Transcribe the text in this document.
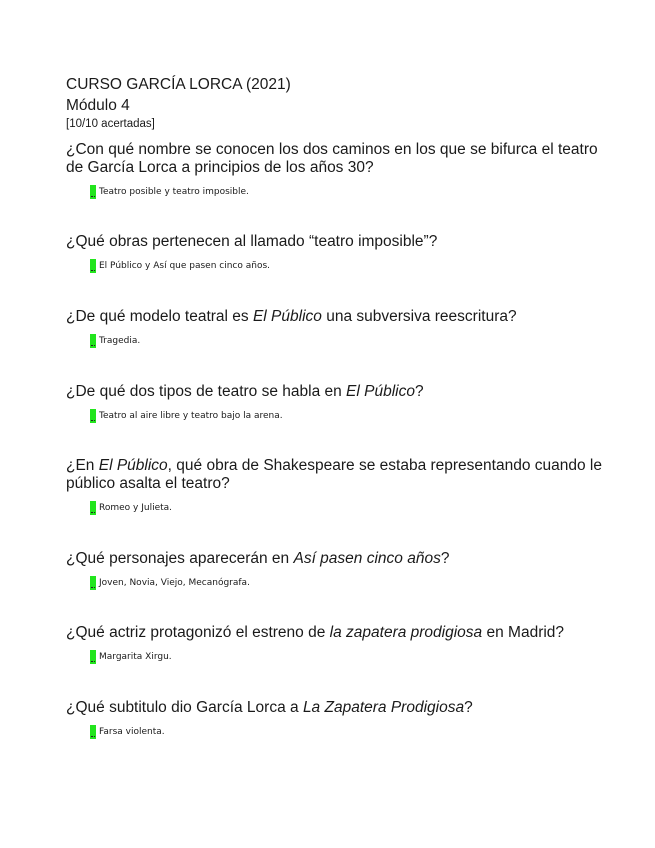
CURSO GARCÍA LORCA (2021)

Módulo 4

[10/10 acertadas]

¿Con qué nombre se conocen los dos caminos en los que se bifurca el teatro de García Lorca a principios de los años 30?

Teatro posible y teatro imposible.

¿Qué obras pertenecen al llamado “teatro imposible”?

El Público y Así que pasen cinco años.

¿De qué modelo teatral es El Público una subversiva reescritura?

Tragedia.

¿De qué dos tipos de teatro se habla en El Público?

Teatro al aire libre y teatro bajo la arena.

¿En El Público, qué obra de Shakespeare se estaba representando cuando le público asalta el teatro?

Romeo y Julieta.

¿Qué personajes aparecerán en Así pasen cinco años?

Joven, Novia, Viejo, Mecanógrafa.

¿Qué actriz protagonizó el estreno de la zapatera prodigiosa en Madrid?

Margarita Xirgu.

¿Qué subtitulo dio García Lorca a La Zapatera Prodigiosa?

Farsa violenta.
